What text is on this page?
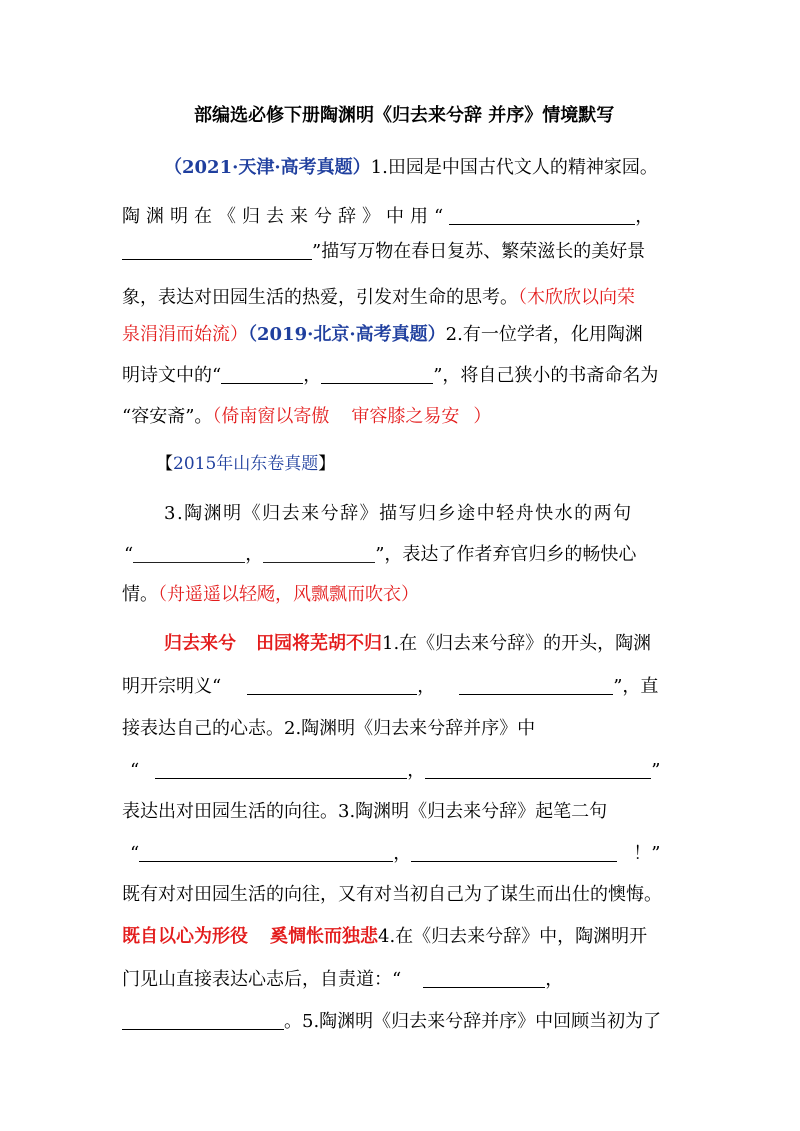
部编选必修下册陶渊明《归去来兮辞 并序》情境默写
（2021·天津·高考真题）1.田园是中国古代文人的精神家园。
陶渊明在《归去来兮辞》中用“	，
”描写万物在春日复苏、繁荣滋长的美好景
象，表达对田园生活的热爱，引发对生命的思考。（木欣欣以向荣
泉涓涓而始流）（2019·北京·高考真题）2.有一位学者，化用陶渊
明诗文中的“	，	”，将自己狭小的书斋命名为
“容安斋”。（倚南窗以寄傲 审容膝之易安 ）
【2015年山东卷真题】
3.陶渊明《归去来兮辞》描写归乡途中轻舟快水的两句
“	，	”，表达了作者弃官归乡的畅快心
情。（舟遥遥以轻飏，风飘飘而吹衣）
归去来兮 田园将芜胡不归1.在《归去来兮辞》的开头，陶渊
明开宗明义“	，	”，直
接表达自己的心志。2.陶渊明《归去来兮辞并序》中
“	，	”
表达出对田园生活的向往。3.陶渊明《归去来兮辞》起笔二句
“	，	！”
既有对对田园生活的向往，又有对当初自己为了谋生而出仕的懊悔。
既自以心为形役 奚惆怅而独悲4.在《归去来兮辞》中，陶渊明开
门见山直接表达心志后，自责道：“	，
。5.陶渊明《归去来兮辞并序》中回顾当初为了
